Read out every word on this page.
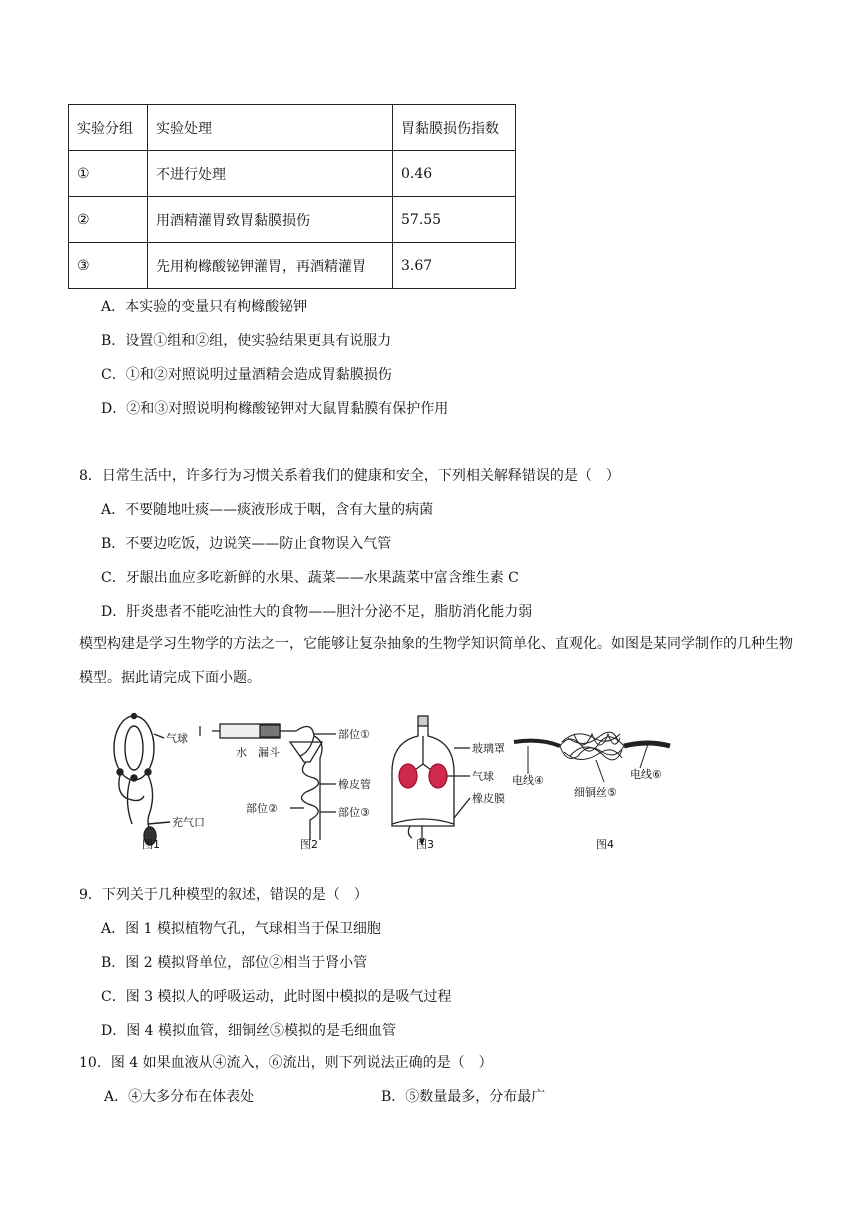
实验分组	实验处理	胃黏膜损伤指数
①	不进行处理	0.46
②	用酒精灌胃致胃黏膜损伤	57.55
③	先用枸橼酸铋钾灌胃，再酒精灌胃	3.67
A．本实验的变量只有枸橼酸铋钾
B．设置①组和②组，使实验结果更具有说服力
C．①和②对照说明过量酒精会造成胃黏膜损伤
D．②和③对照说明枸橼酸铋钾对大鼠胃黏膜有保护作用
8．日常生活中，许多行为习惯关系着我们的健康和安全，下列相关解释错误的是（　）
A．不要随地吐痰——痰液形成于咽，含有大量的病菌
B．不要边吃饭，边说笑——防止食物误入气管
C．牙龈出血应多吃新鲜的水果、蔬菜——水果蔬菜中富含维生素 C
D．肝炎患者不能吃油性大的食物——胆汁分泌不足，脂肪消化能力弱
模型构建是学习生物学的方法之一，它能够让复杂抽象的生物学知识简单化、直观化。如图是某同学制作的几种生物模型。据此请完成下面小题。
气球
充气口
图1
水 漏斗
部位①
橡皮管
部位②	部位③
图2
玻璃罩
气球
橡皮膜
图3
电线④	电线⑥
细铜丝⑤
图4
9．下列关于几种模型的叙述，错误的是（　）
A．图 1 模拟植物气孔，气球相当于保卫细胞
B．图 2 模拟肾单位，部位②相当于肾小管
C．图 3 模拟人的呼吸运动，此时图中模拟的是吸气过程
D．图 4 模拟血管，细铜丝⑤模拟的是毛细血管
10．图 4 如果血液从④流入，⑥流出，则下列说法正确的是（　）
A．④大多分布在体表处	B．⑤数量最多，分布最广
